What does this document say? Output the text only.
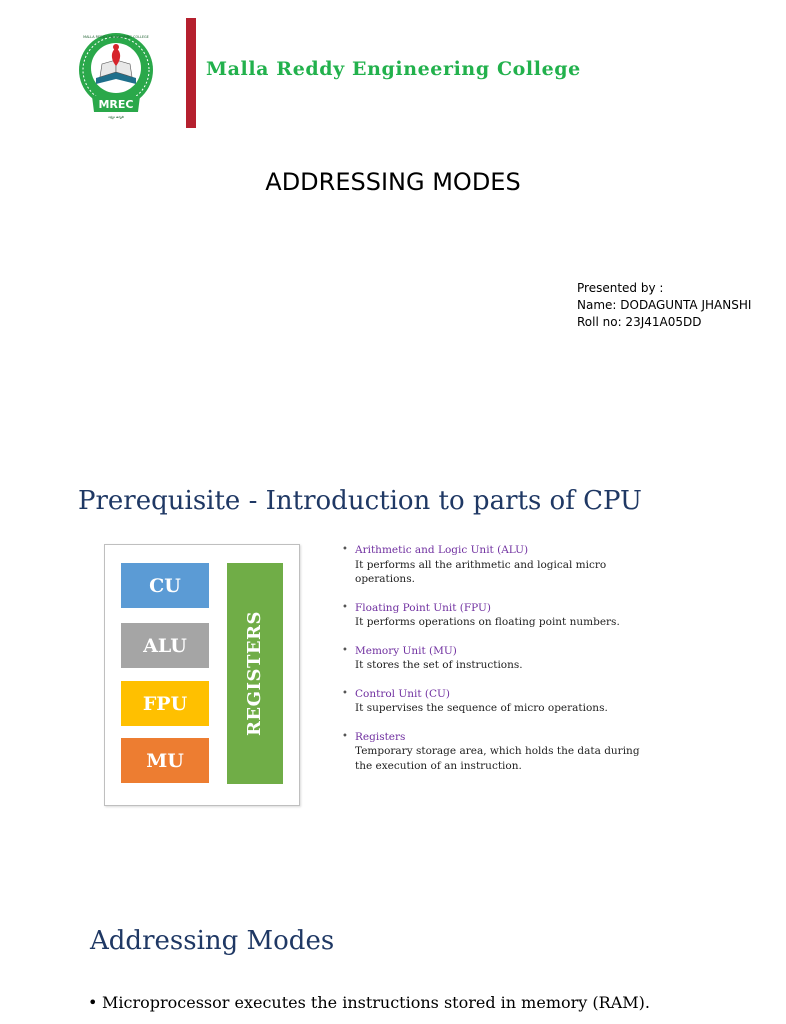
MREC
MALLA REDDY ENGINEERING COLLEGE
లక్ష్యం ఉన్నతి
Malla Reddy Engineering College
ADDRESSING MODES
Presented by :
Name: DODAGUNTA JHANSHI
Roll no: 23J41A05DD
Prerequisite - Introduction to parts of CPU
CU
ALU
FPU
MU
REGISTERS
• Arithmetic and Logic Unit (ALU)
It performs all the arithmetic and logical micro operations.
• Floating Point Unit (FPU)
It performs operations on floating point numbers.
• Memory Unit (MU)
It stores the set of instructions.
• Control Unit (CU)
It supervises the sequence of micro operations.
• Registers
Temporary storage area, which holds the data during the execution of an instruction.
Addressing Modes
• Microprocessor executes the instructions stored in memory (RAM).
